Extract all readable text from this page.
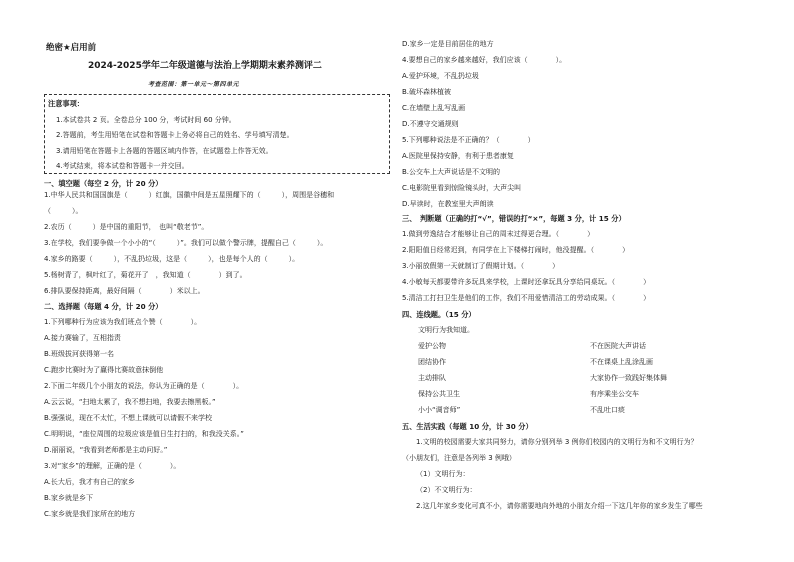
绝密★启用前
2024-2025学年二年级道德与法治上学期期末素养测评二
考查范围：第一单元～第四单元
注意事项：
1.本试卷共 2 页。全卷总分 100 分，考试时间 60 分钟。
2.答题前，考生用铅笔在试卷和答题卡上务必将自己的姓名、学号填写清楚。
3.请用铅笔在答题卡上各题的答题区域内作答，在试题卷上作答无效。
4.考试结束，将本试卷和答题卡一并交回。
一、填空题（每空 2 分，计 20 分）
1.中华人民共和国国旗是（　　　）红旗，国徽中间是五星照耀下的（　　　），周围是谷穗和
（　　　）。
2.农历（　　　）是中国的重阳节，　也叫“敬老节”。
3.在学校，我们要争做一个小小的“（　　　）”。我们可以做个警示牌，提醒自己（　　　）。
4.家乡的路要（　　　），不乱扔垃圾，这是（　　　），也是每个人的（　　　）。
5.杨树青了，枫叶红了，菊花开了　，我知道（　　　　）到了。
6.排队要保持距离，最好间隔（　　　　）米以上。
二、选择题（每题 4 分，计 20 分）
1.下列哪种行为应该为我们班点个赞（　　　　）。
A.接力赛输了，互相指责
B.班级拔河获得第一名
C.跑步比赛时为了赢得比赛故意抹倒他
2.下面二年级几个小朋友的说法，你认为正确的是（　　　　）。
A.云云说，“扫地太累了，我不想扫地，我要去擦黑板。”
B.强强说，现在不太忙，不想上课就可以请假不来学校
C.明明说，“座位周围的垃圾应该是值日生打扫的，和我没关系。”
D.丽丽说，“我看到老师都是主动问好。”
3.对“家乡”的理解，正确的是（　　　　）。
A.长大后，我才有自己的家乡
B.家乡就是乡下
C.家乡就是我们家所在的地方
D.家乡一定是目前居住的地方
4.要想自己的家乡越来越好，我们应该（　　　　）。
A.爱护环境，不乱扔垃圾
B.破坏森林植被
C.在墙壁上乱写乱画
D.不遵守交通规则
5.下列哪种说法是不正确的？（　　　　）
A.医院里保持安静，有利于患者康复
B.公交车上大声说话是不文明的
C.电影院里看到惊险镜头时，大声尖叫
D.早读时，在教室里大声朗读
三、　判断题（正确的打“√”，错误的打“×”，每题 3 分，计 15 分）
1.做到劳逸结合才能够让自己的周末过得更合理。（　　　　）
2.阳阳值日经常迟到，有同学在上下楼梯打闹时，他没提醒。（　　　　）
3.小丽放假第一天就制订了假期计划。（　　　　）
4.小敏每天都要带许多玩具来学校，上课时还拿玩具分享给同桌玩。（　　　　）
5.清洁工打扫卫生是他们的工作，我们不用爱惜清洁工的劳动成果。（　　　　）
四、连线题。（15 分）
文明行为我知道。
爱护公物
团结协作
主动排队
保持公共卫生
小小“调音师”
不在医院大声讲话
不在课桌上乱涂乱画
大家协作一致践好集体舞
有序乘坐公交车
不乱吐口痰
五、生活实践（每题 10 分，计 30 分）
1.文明的校园需要大家共同努力，请你分别列举 3 例你们校园内的文明行为和不文明行为？
（小朋友们，注意是各列举 3 例哦）
（1）文明行为：
（2）不文明行为：
2.这几年家乡变化可真不小，请你需要地向外地的小朋友介绍一下这几年你的家乡发生了哪些
